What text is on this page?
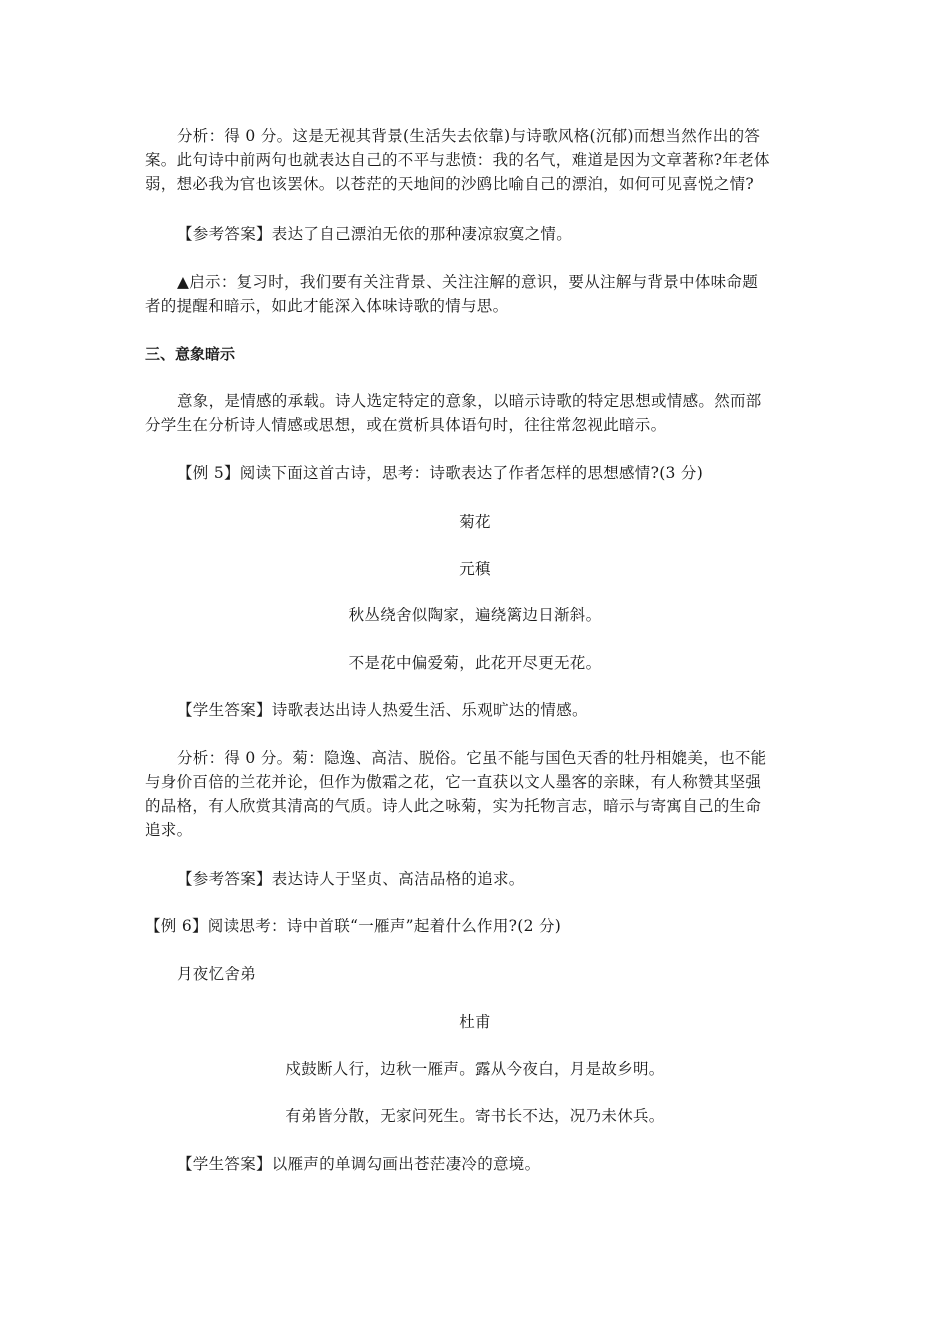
分析：得 0 分。这是无视其背景(生活失去依靠)与诗歌风格(沉郁)而想当然作出的答
案。此句诗中前两句也就表达自己的不平与悲愤：我的名气，难道是因为文章著称?年老体
弱，想必我为官也该罢休。以苍茫的天地间的沙鸥比喻自己的漂泊，如何可见喜悦之情?

【参考答案】表达了自己漂泊无依的那种凄凉寂寞之情。

▲启示：复习时，我们要有关注背景、关注注解的意识，要从注解与背景中体味命题
者的提醒和暗示，如此才能深入体味诗歌的情与思。

三、意象暗示

意象，是情感的承载。诗人选定特定的意象，以暗示诗歌的特定思想或情感。然而部
分学生在分析诗人情感或思想，或在赏析具体语句时，往往常忽视此暗示。

【例 5】阅读下面这首古诗，思考：诗歌表达了作者怎样的思想感情?(3 分)

菊花

元稹

秋丛绕舍似陶家，遍绕篱边日渐斜。

不是花中偏爱菊，此花开尽更无花。

【学生答案】诗歌表达出诗人热爱生活、乐观旷达的情感。

分析：得 0 分。菊：隐逸、高洁、脱俗。它虽不能与国色天香的牡丹相媲美，也不能
与身价百倍的兰花并论，但作为傲霜之花，它一直获以文人墨客的亲睐，有人称赞其坚强
的品格，有人欣赏其清高的气质。诗人此之咏菊，实为托物言志，暗示与寄寓自己的生命
追求。

【参考答案】表达诗人于坚贞、高洁品格的追求。

【例 6】阅读思考：诗中首联“一雁声”起着什么作用?(2 分)

月夜忆舍弟

杜甫

戍鼓断人行，边秋一雁声。露从今夜白，月是故乡明。

有弟皆分散，无家问死生。寄书长不达，况乃未休兵。

【学生答案】以雁声的单调勾画出苍茫凄冷的意境。
